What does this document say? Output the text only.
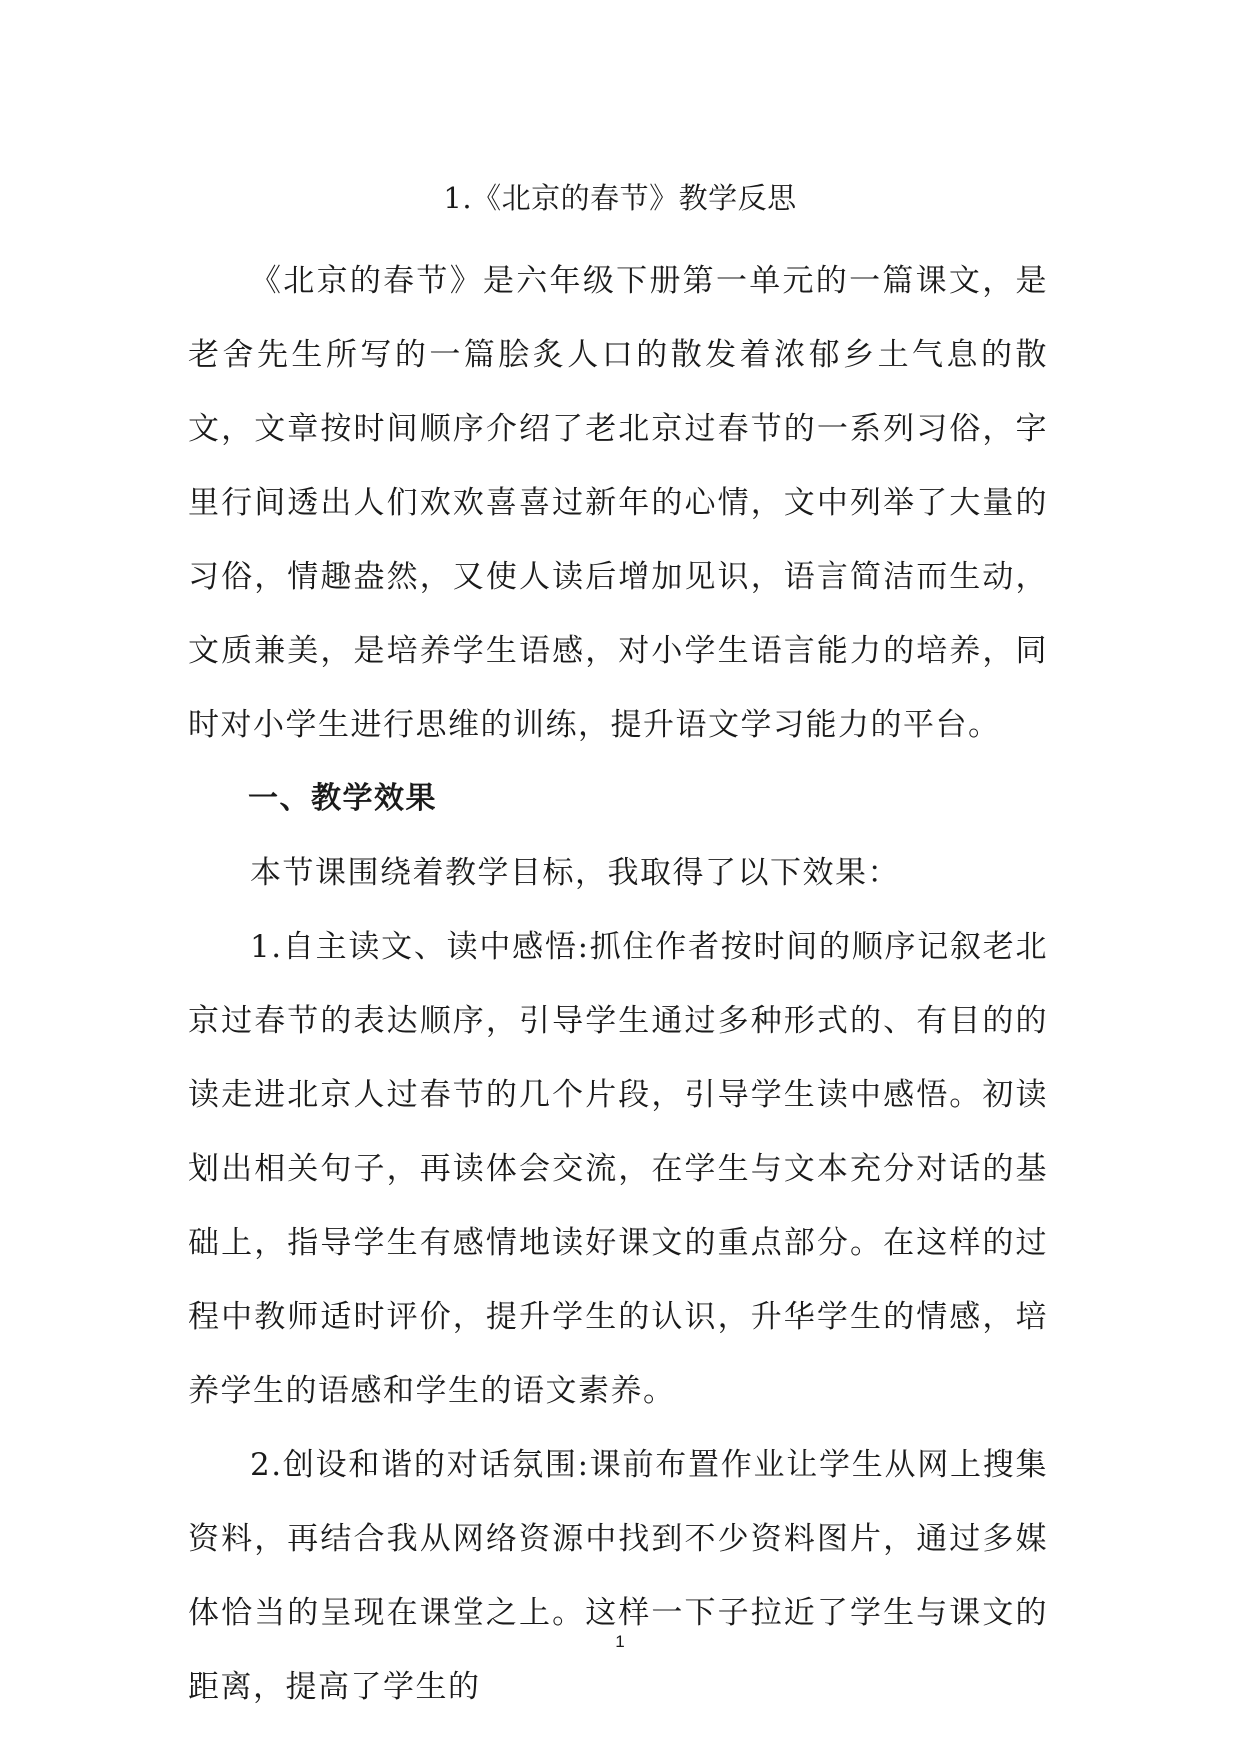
1.《北京的春节》教学反思

《北京的春节》是六年级下册第一单元的一篇课文，是老舍先生所写的一篇脍炙人口的散发着浓郁乡土气息的散文，文章按时间顺序介绍了老北京过春节的一系列习俗，字里行间透出人们欢欢喜喜过新年的心情，文中列举了大量的习俗，情趣盎然，又使人读后增加见识，语言简洁而生动，文质兼美，是培养学生语感，对小学生语言能力的培养，同时对小学生进行思维的训练，提升语文学习能力的平台。

一、教学效果

本节课围绕着教学目标，我取得了以下效果：

1.自主读文、读中感悟:抓住作者按时间的顺序记叙老北京过春节的表达顺序，引导学生通过多种形式的、有目的的读走进北京人过春节的几个片段，引导学生读中感悟。初读划出相关句子，再读体会交流，在学生与文本充分对话的基础上，指导学生有感情地读好课文的重点部分。在这样的过程中教师适时评价，提升学生的认识，升华学生的情感，培养学生的语感和学生的语文素养。

2.创设和谐的对话氛围:课前布置作业让学生从网上搜集资料，再结合我从网络资源中找到不少资料图片，通过多媒体恰当的呈现在课堂之上。这样一下子拉近了学生与课文的距离，提高了学生的

1
